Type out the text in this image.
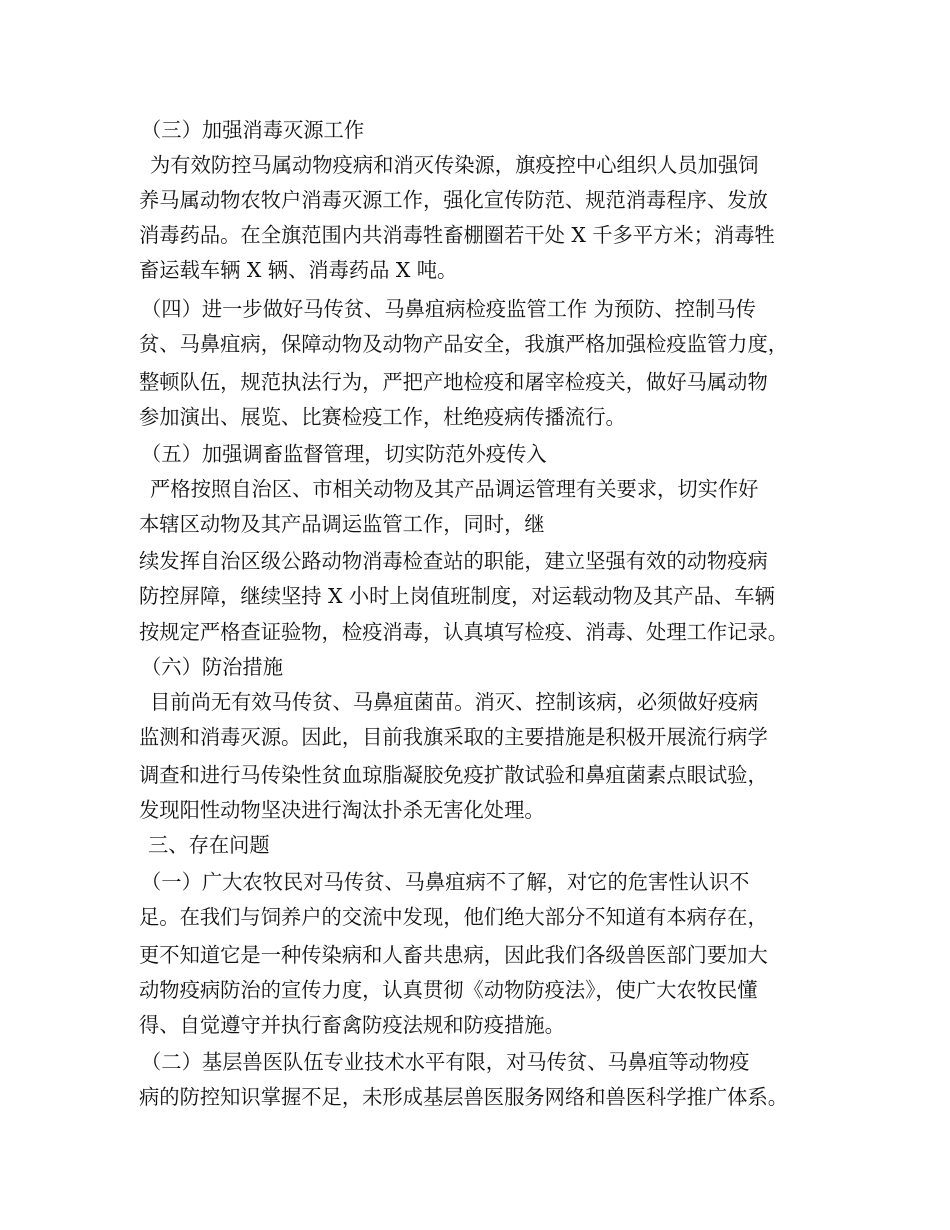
（三）加强消毒灭源工作
为有效防控马属动物疫病和消灭传染源，旗疫控中心组织人员加强饲
养马属动物农牧户消毒灭源工作，强化宣传防范、规范消毒程序、发放
消毒药品。在全旗范围内共消毒牲畜棚圈若干处 X 千多平方米；消毒牲
畜运载车辆 X 辆、消毒药品 X 吨。
（四）进一步做好马传贫、马鼻疽病检疫监管工作 为预防、控制马传
贫、马鼻疽病，保障动物及动物产品安全，我旗严格加强检疫监管力度，
整顿队伍，规范执法行为，严把产地检疫和屠宰检疫关，做好马属动物
参加演出、展览、比赛检疫工作，杜绝疫病传播流行。
（五）加强调畜监督管理，切实防范外疫传入
严格按照自治区、市相关动物及其产品调运管理有关要求，切实作好
本辖区动物及其产品调运监管工作，同时，继
续发挥自治区级公路动物消毒检查站的职能，建立坚强有效的动物疫病
防控屏障，继续坚持 X 小时上岗值班制度，对运载动物及其产品、车辆
按规定严格查证验物，检疫消毒，认真填写检疫、消毒、处理工作记录。
（六）防治措施
目前尚无有效马传贫、马鼻疽菌苗。消灭、控制该病，必须做好疫病
监测和消毒灭源。因此，目前我旗采取的主要措施是积极开展流行病学
调查和进行马传染性贫血琼脂凝胶免疫扩散试验和鼻疽菌素点眼试验，
发现阳性动物坚决进行淘汰扑杀无害化处理。
三、存在问题
（一）广大农牧民对马传贫、马鼻疽病不了解，对它的危害性认识不
足。在我们与饲养户的交流中发现，他们绝大部分不知道有本病存在，
更不知道它是一种传染病和人畜共患病，因此我们各级兽医部门要加大
动物疫病防治的宣传力度，认真贯彻《动物防疫法》，使广大农牧民懂
得、自觉遵守并执行畜禽防疫法规和防疫措施。
（二）基层兽医队伍专业技术水平有限，对马传贫、马鼻疽等动物疫
病的防控知识掌握不足，未形成基层兽医服务网络和兽医科学推广体系。
